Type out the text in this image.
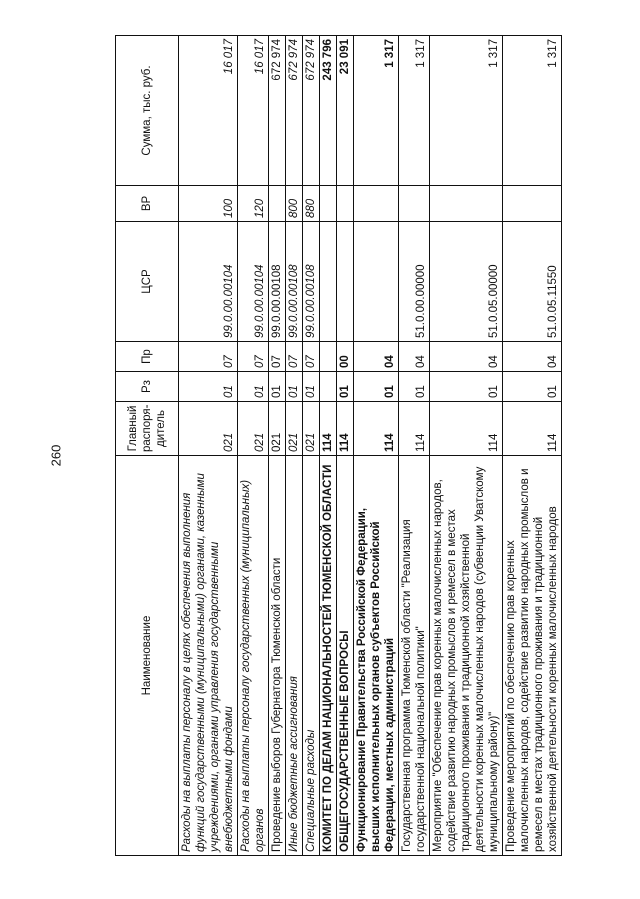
260
Наименование	Главный распоря-дитель	Рз	Пр	ЦСР	ВР	Сумма, тыс. руб.
Расходы на выплаты персоналу в целях обеспечения выполнения функций государственными (муниципальными) органами, казенными учреждениями, органами управления государственными внебюджетными фондами	021	01	07	99.0.00.00104	100	16 017
Расходы на выплаты персоналу государственных (муниципальных) органов	021	01	07	99.0.00.00104	120	16 017
Проведение выборов Губернатора Тюменской области	021	01	07	99.0.00.00108		672 974
Иные бюджетные ассигнования	021	01	07	99.0.00.00108	800	672 974
Специальные расходы	021	01	07	99.0.00.00108	880	672 974
КОМИТЕТ ПО ДЕЛАМ НАЦИОНАЛЬНОСТЕЙ ТЮМЕНСКОЙ ОБЛАСТИ	114					243 796
ОБЩЕГОСУДАРСТВЕННЫЕ ВОПРОСЫ	114	01	00			23 091
Функционирование Правительства Российской Федерации, высших исполнительных органов субъектов Российской Федерации, местных администраций	114	01	04			1 317
Государственная программа Тюменской области "Реализация государственной национальной политики"	114	01	04	51.0.00.00000		1 317
Мероприятие "Обеспечение прав коренных малочисленных народов, содействие развитию народных промыслов и ремесел в местах традиционного проживания и традиционной хозяйственной деятельности коренных малочисленных народов (субвенции Уватскому муниципальному району)"	114	01	04	51.0.05.00000		1 317
Проведение мероприятий по обеспечению прав коренных малочисленных народов, содействие развитию народных промыслов и ремесел в местах традиционного проживания и традиционной хозяйственной деятельности коренных малочисленных народов	114	01	04	51.0.05.11550		1 317
